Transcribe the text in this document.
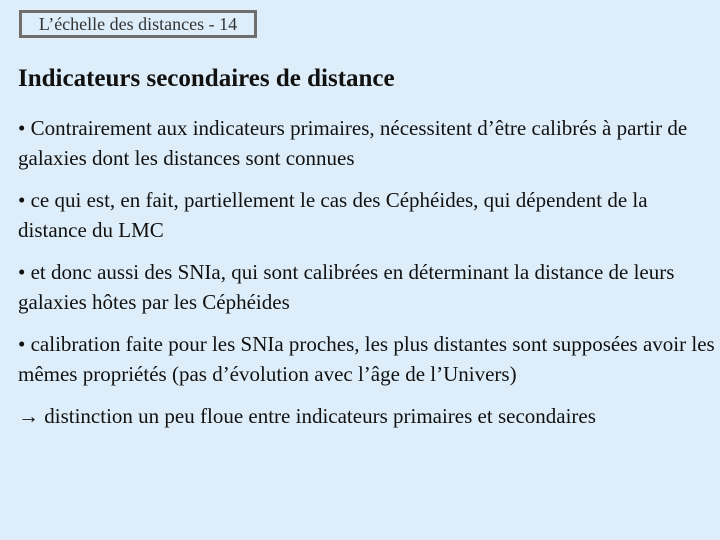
L’échelle des distances - 14
Indicateurs secondaires de distance

• Contrairement aux indicateurs primaires, nécessitent d’être calibrés à partir de galaxies dont les distances sont connues

• ce qui est, en fait, partiellement le cas des Céphéides, qui dépendent de la distance du LMC

• et donc aussi des SNIa, qui sont calibrées en déterminant la distance de leurs galaxies hôtes par les Céphéides

• calibration faite pour les SNIa proches, les plus distantes sont supposées avoir les mêmes propriétés (pas d’évolution avec l’âge de l’Univers)

→ distinction un peu floue entre indicateurs primaires et secondaires
